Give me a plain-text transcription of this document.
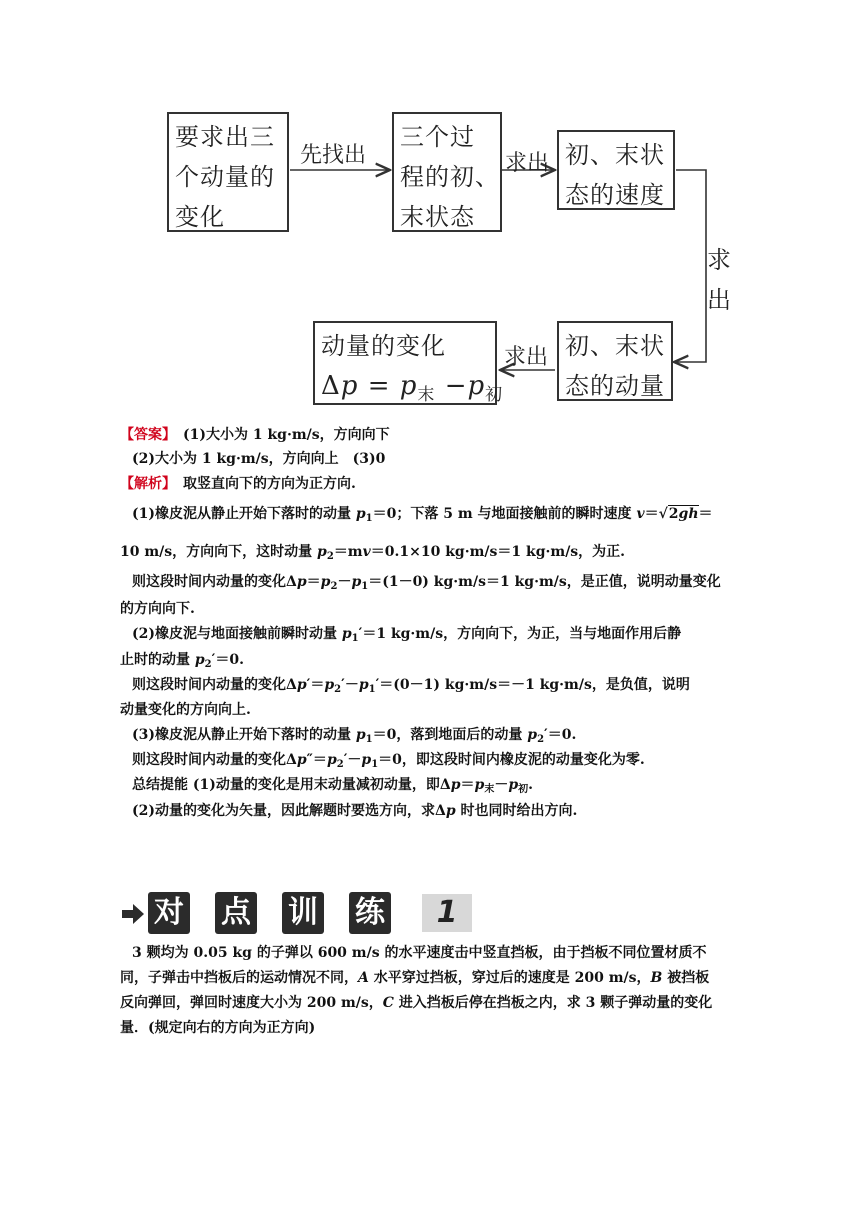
要求出三
个动量的
变化
先找出
三个过
程的初、
末状态
求出 初、末状
态的速度
求
出
初、末状
态的动量
求出
动量的变化
$\Delta p = p_末 -p_初$
【答案】　 (1)大小为 1 kg·m/s，方向向下
(2)大小为 1 kg·m/s，方向向上　(3)0
【解析】　 取竖直向下的方向为正方向.
(1)橡皮泥从静止开始下落时的动量 $p_1=0$；下落 5 m 与地面接触前的瞬时速度 v＝√2gh＝
10 m/s，方向向下，这时动量 $p_2=mv=0.1\times 10$ kg·m/s＝1 kg·m/s，为正.
则这段时间内动量的变化$\Delta p=p_2-p_1=(1-0)$ kg·m/s＝1 kg·m/s，是正值，说明动量变化
的方向向下.
(2)橡皮泥与地面接触前瞬时动量 $p_1'=1$ kg·m/s，方向向下，为正，当与地面作用后静
止时的动量 $p_2'=0$.
则这段时间内动量的变化$\Delta p'=p_2'-p_1'=(0-1)$ kg·m/s＝－1 kg·m/s，是负值，说明
动量变化的方向向上.
(3)橡皮泥从静止开始下落时的动量 $p_1=0$，落到地面后的动量 $p_2'=0$.
则这段时间内动量的变化$\Delta p''=p_2'-p_1=0$，即这段时间内橡皮泥的动量变化为零.
总结提能 (1)动量的变化是用末动量减初动量，即$\Delta p=p_末-p_初$.
(2)动量的变化为矢量，因此解题时要选方向，求Δp 时也同时给出方向.
对 点 训 练	1
3 颗均为 0.05 kg 的子弹以 600 m/s 的水平速度击中竖直挡板，由于挡板不同位置材质不
同，子弹击中挡板后的运动情况不同，A 水平穿过挡板，穿过后的速度是 200 m/s，B 被挡板
反向弹回，弹回时速度大小为 200 m/s，C 进入挡板后停在挡板之内，求 3 颗子弹动量的变化
量．(规定向右的方向为正方向)
